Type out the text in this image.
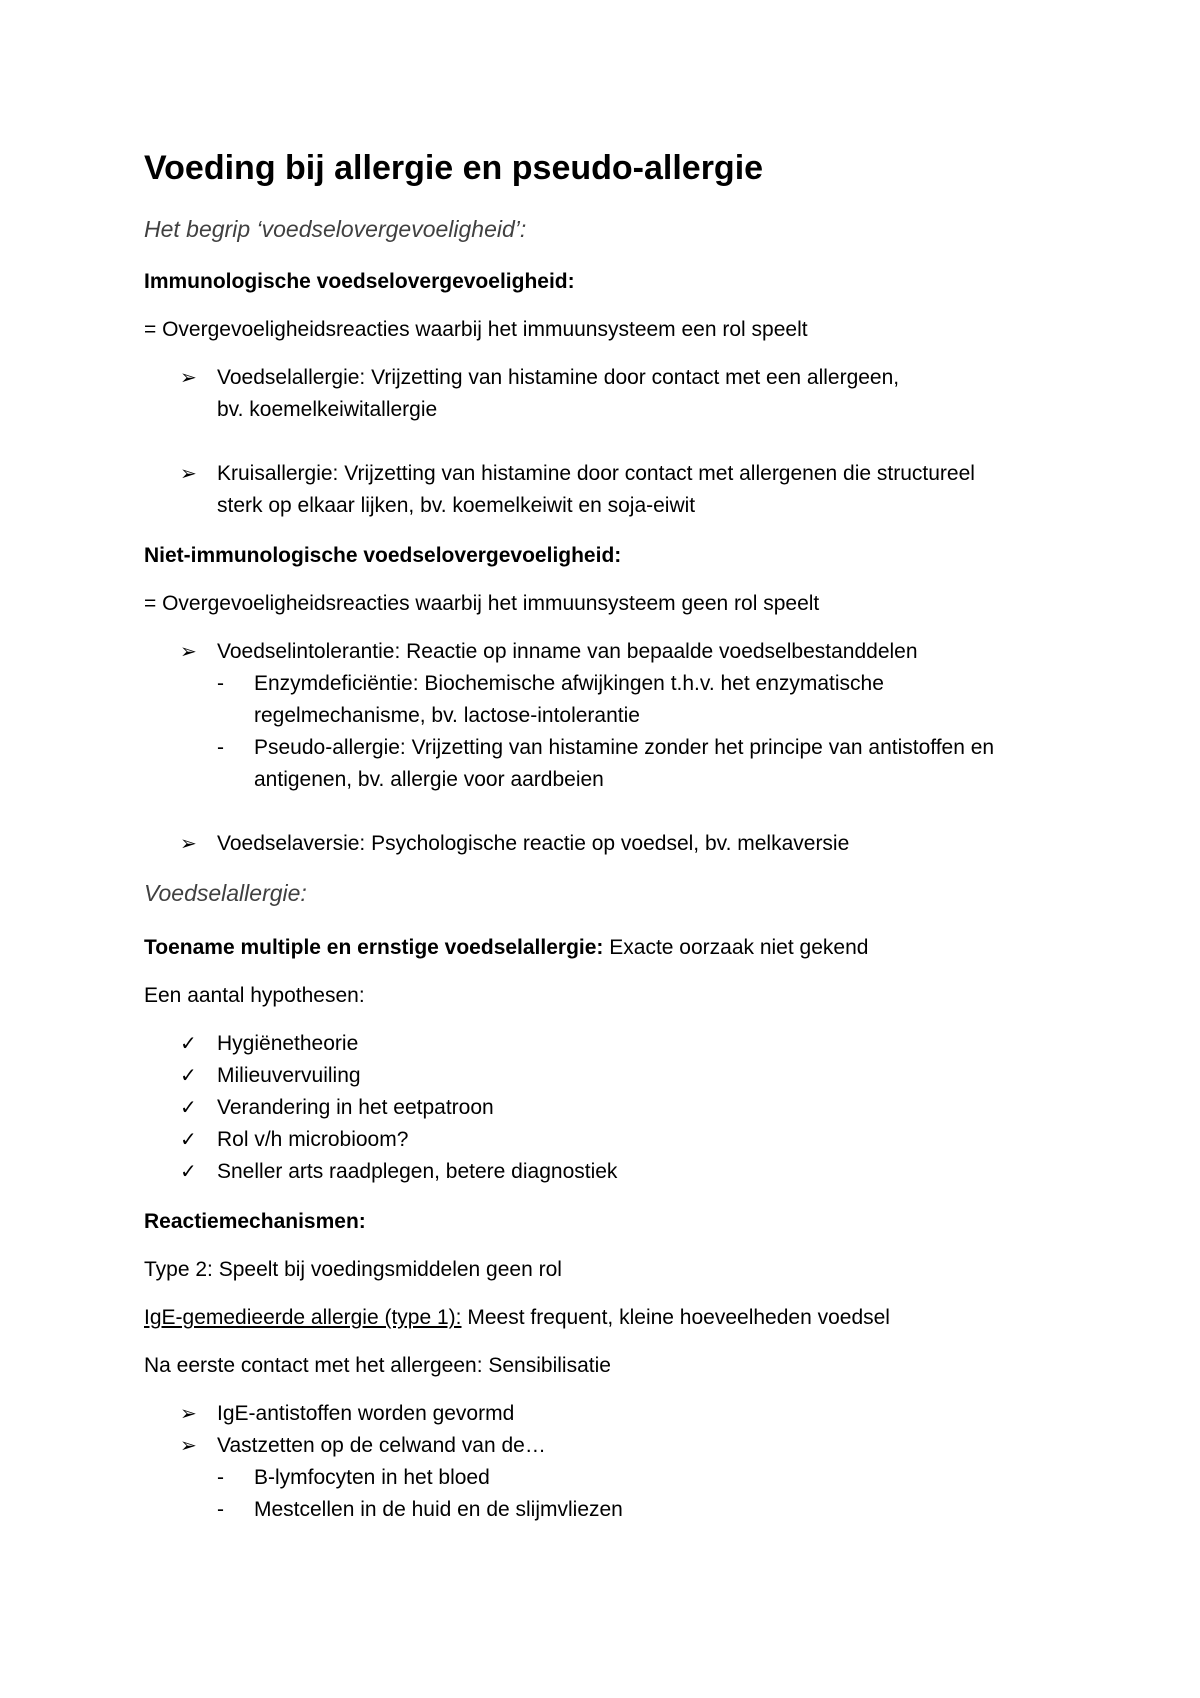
Voeding bij allergie en pseudo-allergie
Het begrip ‘voedselovergevoeligheid’:
Immunologische voedselovergevoeligheid:
= Overgevoeligheidsreacties waarbij het immuunsysteem een rol speelt
➢ Voedselallergie: Vrijzetting van histamine door contact met een allergeen,
bv. koemelkeiwitallergie
➢ Kruisallergie: Vrijzetting van histamine door contact met allergenen die structureel
sterk op elkaar lijken, bv. koemelkeiwit en soja-eiwit
Niet-immunologische voedselovergevoeligheid:
= Overgevoeligheidsreacties waarbij het immuunsysteem geen rol speelt
➢ Voedselintolerantie: Reactie op inname van bepaalde voedselbestanddelen
- Enzymdeficiëntie: Biochemische afwijkingen t.h.v. het enzymatische
regelmechanisme, bv. lactose-intolerantie
- Pseudo-allergie: Vrijzetting van histamine zonder het principe van antistoffen en
antigenen, bv. allergie voor aardbeien
➢ Voedselaversie: Psychologische reactie op voedsel, bv. melkaversie
Voedselallergie:
Toename multiple en ernstige voedselallergie: Exacte oorzaak niet gekend
Een aantal hypothesen:
✓ Hygiënetheorie
✓ Milieuvervuiling
✓ Verandering in het eetpatroon
✓ Rol v/h microbioom?
✓ Sneller arts raadplegen, betere diagnostiek
Reactiemechanismen:
Type 2: Speelt bij voedingsmiddelen geen rol
IgE-gemedieerde allergie (type 1): Meest frequent, kleine hoeveelheden voedsel
Na eerste contact met het allergeen: Sensibilisatie
➢ IgE-antistoffen worden gevormd
➢ Vastzetten op de celwand van de…
- B-lymfocyten in het bloed
- Mestcellen in de huid en de slijmvliezen
